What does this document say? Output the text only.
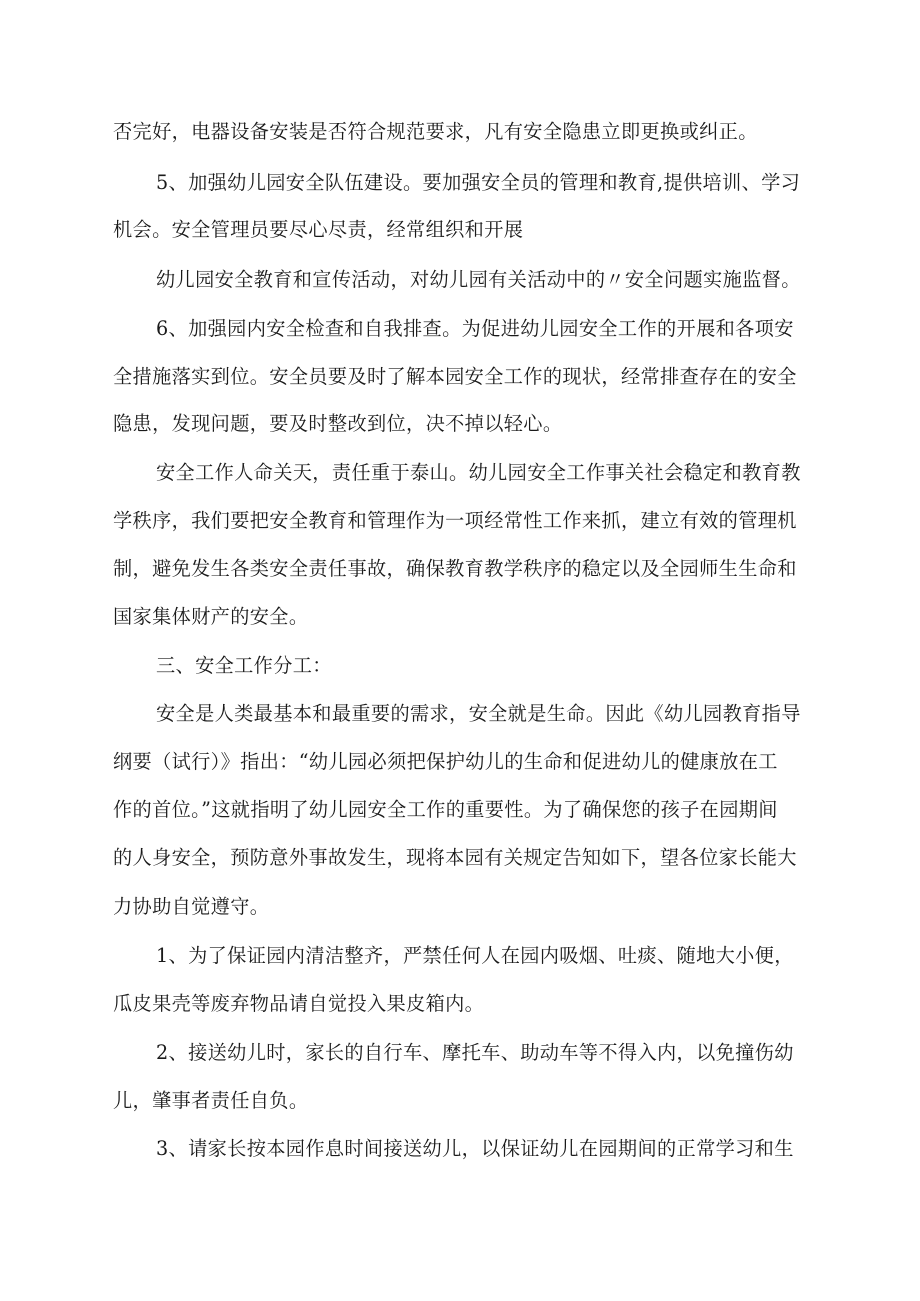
否完好，电器设备安装是否符合规范要求，凡有安全隐患立即更换或纠正。
5、加强幼儿园安全队伍建设。要加强安全员的管理和教育,提供培训、学习
机会。安全管理员要尽心尽责，经常组织和开展
幼儿园安全教育和宣传活动，对幼儿园有关活动中的〃安全问题实施监督。
6、加强园内安全检查和自我排查。为促进幼儿园安全工作的开展和各项安
全措施落实到位。安全员要及时了解本园安全工作的现状，经常排查存在的安全
隐患，发现问题，要及时整改到位，决不掉以轻心。
安全工作人命关天，责任重于泰山。幼儿园安全工作事关社会稳定和教育教
学秩序，我们要把安全教育和管理作为一项经常性工作来抓，建立有效的管理机
制，避免发生各类安全责任事故，确保教育教学秩序的稳定以及全园师生生命和
国家集体财产的安全。
三、安全工作分工：
安全是人类最基本和最重要的需求，安全就是生命。因此《幼儿园教育指导
纲要（试行）》指出：“幼儿园必须把保护幼儿的生命和促进幼儿的健康放在工
作的首位。”这就指明了幼儿园安全工作的重要性。为了确保您的孩子在园期间
的人身安全，预防意外事故发生，现将本园有关规定告知如下，望各位家长能大
力协助自觉遵守。
1、为了保证园内清洁整齐，严禁任何人在园内吸烟、吐痰、随地大小便，
瓜皮果壳等废弃物品请自觉投入果皮箱内。
2、接送幼儿时，家长的自行车、摩托车、助动车等不得入内，以免撞伤幼
儿，肇事者责任自负。
3、请家长按本园作息时间接送幼儿，以保证幼儿在园期间的正常学习和生
